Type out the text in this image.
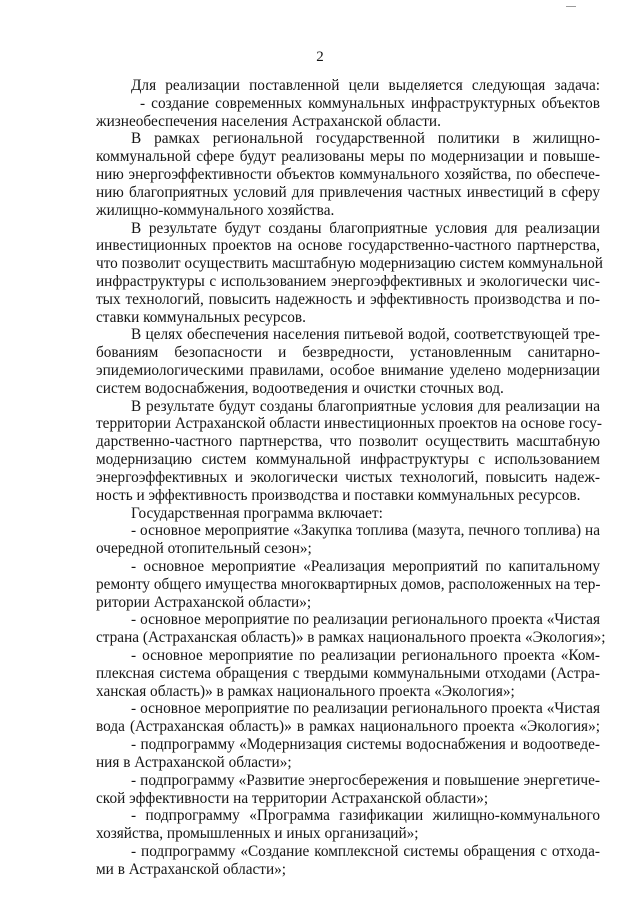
2
Для реализации поставленной цели выделяется следующая задача:
- создание современных коммунальных инфраструктурных объектов
жизнеобеспечения населения Астраханской области.
В рамках региональной государственной политики в жилищно-
коммунальной сфере будут реализованы меры по модернизации и повыше-
нию энергоэффективности объектов коммунального хозяйства, по обеспече-
нию благоприятных условий для привлечения частных инвестиций в сферу
жилищно-коммунального хозяйства.
В результате будут созданы благоприятные условия для реализации
инвестиционных проектов на основе государственно-частного партнерства,
что позволит осуществить масштабную модернизацию систем коммунальной
инфраструктуры с использованием энергоэффективных и экологически чис-
тых технологий, повысить надежность и эффективность производства и по-
ставки коммунальных ресурсов.
В целях обеспечения населения питьевой водой, соответствующей тре-
бованиям безопасности и безвредности, установленным санитарно-
эпидемиологическими правилами, особое внимание уделено модернизации
систем водоснабжения, водоотведения и очистки сточных вод.
В результате будут созданы благоприятные условия для реализации на
территории Астраханской области инвестиционных проектов на основе госу-
дарственно-частного партнерства, что позволит осуществить масштабную
модернизацию систем коммунальной инфраструктуры с использованием
энергоэффективных и экологически чистых технологий, повысить надеж-
ность и эффективность производства и поставки коммунальных ресурсов.
Государственная программа включает:
- основное мероприятие «Закупка топлива (мазута, печного топлива) на
очередной отопительный сезон»;
- основное мероприятие «Реализация мероприятий по капитальному
ремонту общего имущества многоквартирных домов, расположенных на тер-
ритории Астраханской области»;
- основное мероприятие по реализации регионального проекта «Чистая
страна (Астраханская область)» в рамках национального проекта «Экология»;
- основное мероприятие по реализации регионального проекта «Ком-
плексная система обращения с твердыми коммунальными отходами (Астра-
ханская область)» в рамках национального проекта «Экология»;
- основное мероприятие по реализации регионального проекта «Чистая
вода (Астраханская область)» в рамках национального проекта «Экология»;
- подпрограмму «Модернизация системы водоснабжения и водоотведе-
ния в Астраханской области»;
- подпрограмму «Развитие энергосбережения и повышение энергетиче-
ской эффективности на территории Астраханской области»;
- подпрограмму «Программа газификации жилищно-коммунального
хозяйства, промышленных и иных организаций»;
- подпрограмму «Создание комплексной системы обращения с отхода-
ми в Астраханской области»;
